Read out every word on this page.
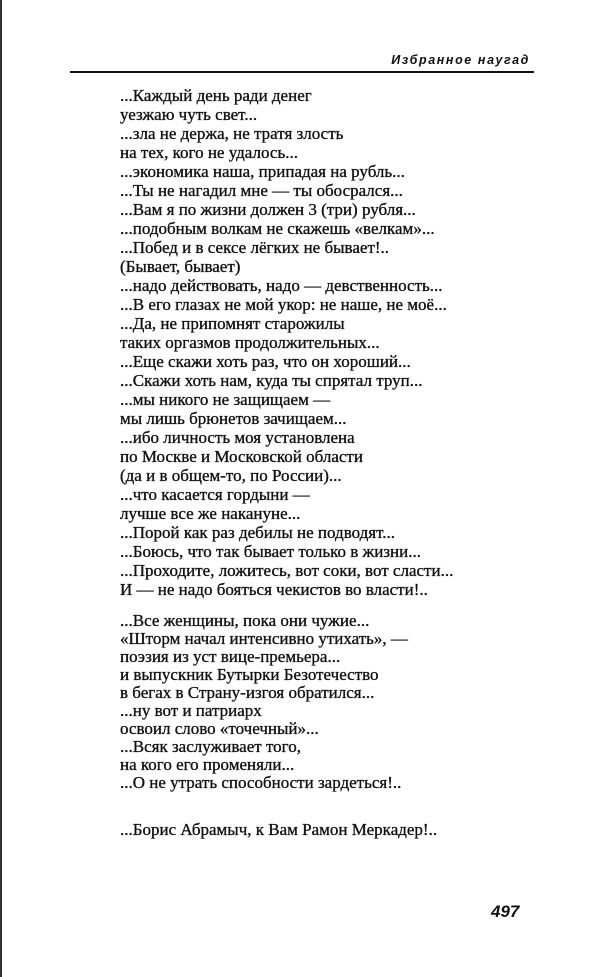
Избранное наугад
...Каждый день ради денег
уезжаю чуть свет...
...зла не держа, не тратя злость
на тех, кого не удалось...
...экономика наша, припадая на рубль...
...Ты не нагадил мне — ты обосрался...
...Вам я по жизни должен 3 (три) рубля...
...подобным волкам не скажешь «велкам»...
...Побед и в сексе лёгких не бывает!..
(Бывает, бывает)
...надо действовать, надо — девственность...
...В его глазах не мой укор: не наше, не моё...
...Да, не припомнят старожилы
таких оргазмов продолжительных...
...Еще скажи хоть раз, что он хороший...
...Скажи хоть нам, куда ты спрятал труп...
...мы никого не защищаем —
мы лишь брюнетов зачищаем...
...ибо личность моя установлена
по Москве и Московской области
(да и в общем-то, по России)...
...что касается гордыни —
лучше все же накануне...
...Порой как раз дебилы не подводят...
...Боюсь, что так бывает только в жизни...
...Проходите, ложитесь, вот соки, вот сласти...
И — не надо бояться чекистов во власти!..
...Все женщины, пока они чужие...
«Шторм начал интенсивно утихать», —
поэзия из уст вице-премьера...
и выпускник Бутырки Безотечество
в бегах в Страну-изгоя обратился...
...ну вот и патриарх
освоил слово «точечный»...
...Всяк заслуживает того,
на кого его променяли...
...О не утрать способности зардеться!..
...Борис Абрамыч, к Вам Рамон Меркадер!..
497
